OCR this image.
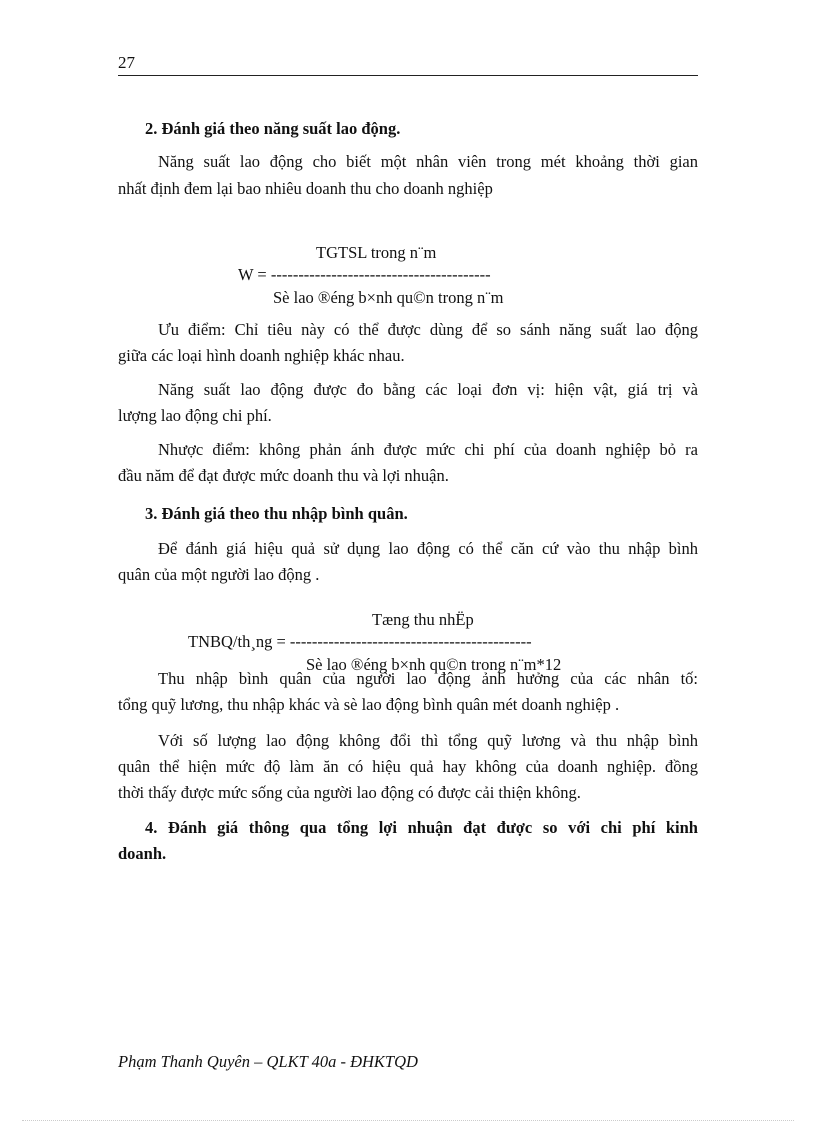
27
2. Đánh giá theo năng suất lao động.
Năng suất lao động cho biết một nhân viên trong mét khoảng thời gian
nhất định đem lại bao nhiêu doanh thu cho doanh nghiệp
TGTSL trong n¨m
W = ----------------------------------------
Sè lao ®éng b×nh qu©n trong n¨m
Ưu điểm: Chỉ tiêu này có thể được dùng để so sánh năng suất lao động
giữa các loại hình doanh nghiệp khác nhau.
Năng suất lao động được đo bằng các loại đơn vị: hiện vật, giá trị và
lượng lao động chi phí.
Nhược điểm: không phản ánh được mức chi phí của doanh nghiệp bỏ ra
đầu năm để đạt được mức doanh thu và lợi nhuận.
3. Đánh giá theo thu nhập bình quân.
Để đánh giá hiệu quả sử dụng lao động có thể căn cứ vào thu nhập bình
quân của một người lao động .
Tæng thu nhËp
TNBQ/th¸ng = --------------------------------------------
Sè lao ®éng b×nh qu©n trong n¨m*12
Thu nhập bình quân của người lao động ảnh hưởng của các nhân tố:
tổng quỹ lương, thu nhập khác và sè lao động bình quân mét doanh nghiệp .
Với số lượng lao động không đổi thì tổng quỹ lương và thu nhập bình
quân thể hiện mức độ làm ăn có hiệu quả hay không của doanh nghiệp. đồng
thời thấy được mức sống của người lao động có được cải thiện không.
4. Đánh giá thông qua tổng lợi nhuận đạt được so với chi phí kinh
doanh.
Phạm Thanh Quyên – QLKT 40a - ĐHKTQD
